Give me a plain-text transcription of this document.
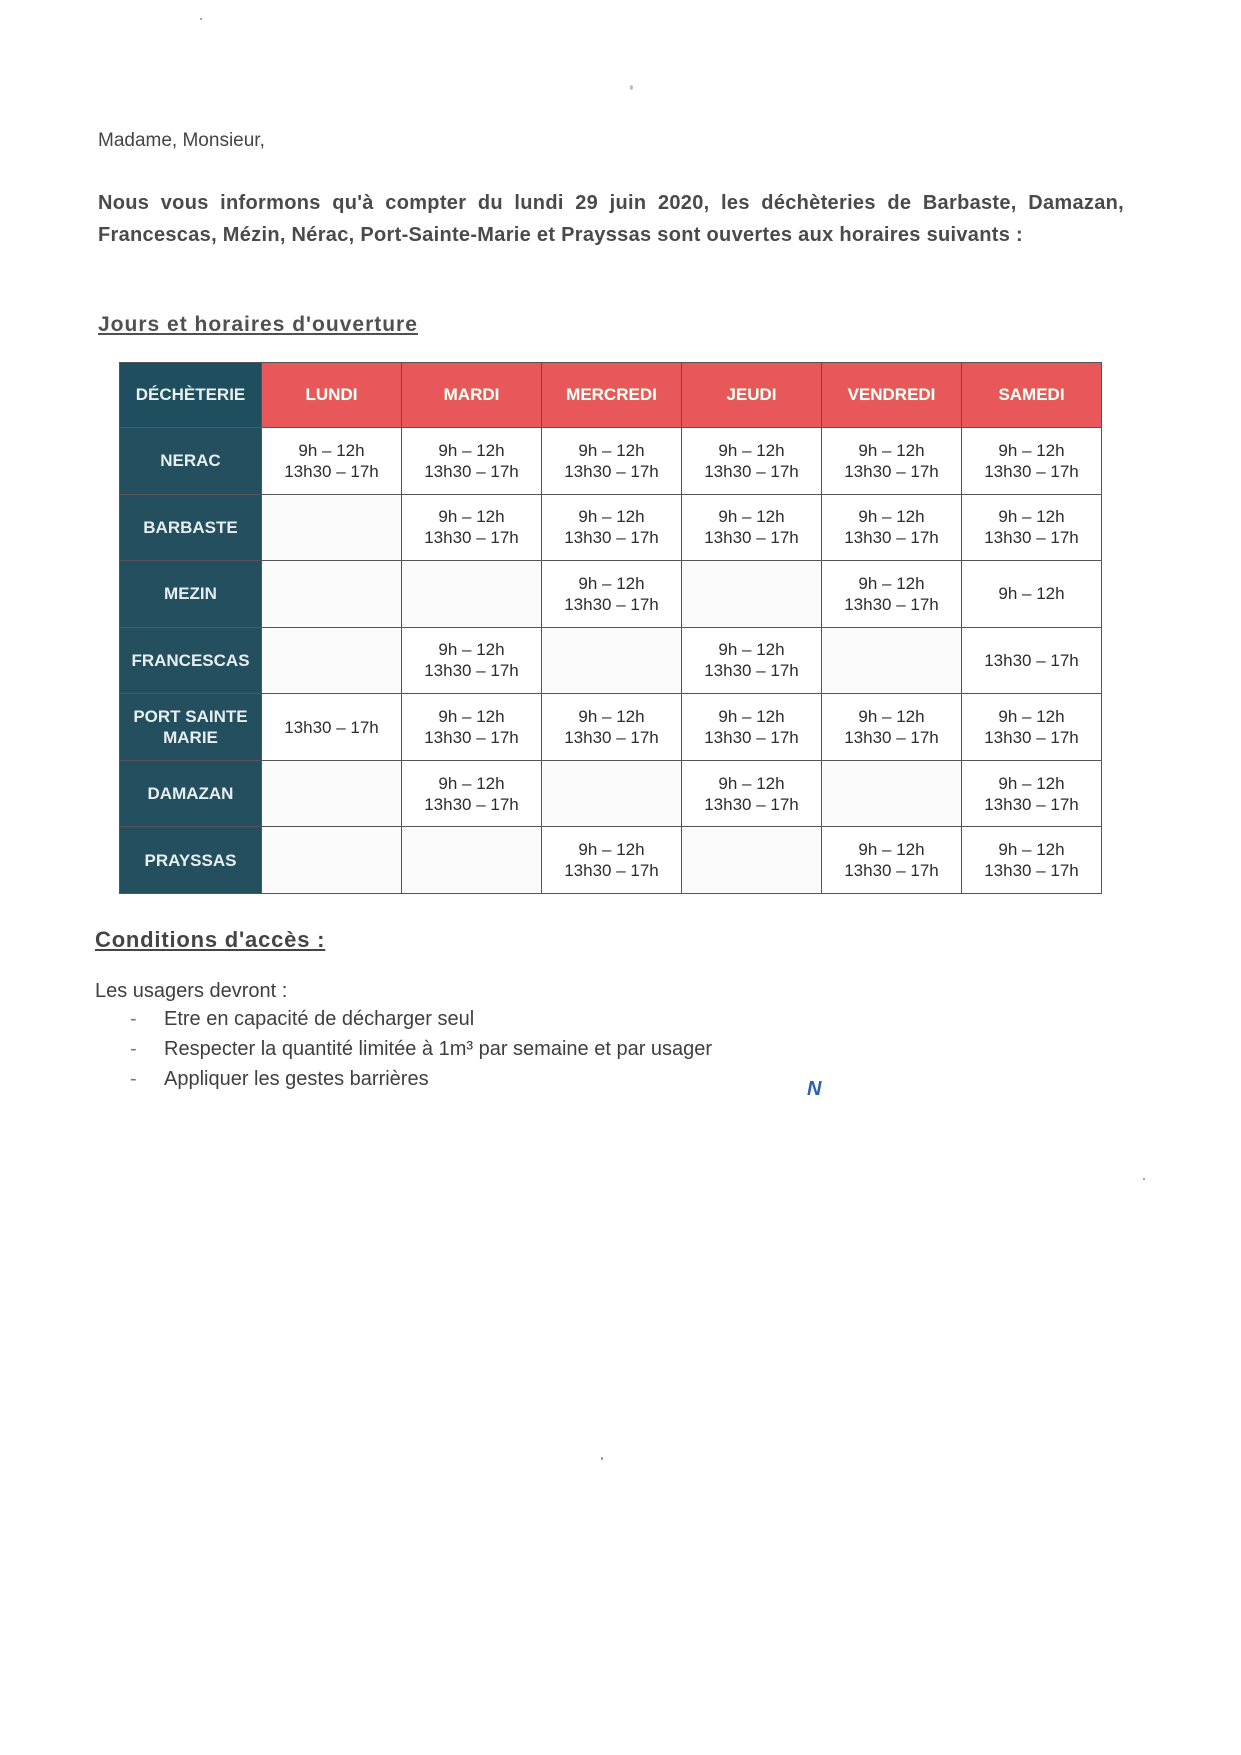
Madame, Monsieur,
Nous vous informons qu'à compter du lundi 29 juin 2020, les déchèteries de Barbaste, Damazan, Francescas, Mézin, Nérac, Port-Sainte-Marie et Prayssas sont ouvertes aux horaires suivants :
Jours et horaires d'ouverture
DÉCHÈTERIE	LUNDI	MARDI	MERCREDI	JEUDI	VENDREDI	SAMEDI
NERAC	9h – 12h
13h30 – 17h	9h – 12h
13h30 – 17h	9h – 12h
13h30 – 17h	9h – 12h
13h30 – 17h	9h – 12h
13h30 – 17h	9h – 12h
13h30 – 17h
BARBASTE		9h – 12h
13h30 – 17h	9h – 12h
13h30 – 17h	9h – 12h
13h30 – 17h	9h – 12h
13h30 – 17h	9h – 12h
13h30 – 17h
MEZIN			9h – 12h
13h30 – 17h		9h – 12h
13h30 – 17h	9h – 12h
FRANCESCAS		9h – 12h
13h30 – 17h		9h – 12h
13h30 – 17h		13h30 – 17h
PORT SAINTE
MARIE	13h30 – 17h	9h – 12h
13h30 – 17h	9h – 12h
13h30 – 17h	9h – 12h
13h30 – 17h	9h – 12h
13h30 – 17h	9h – 12h
13h30 – 17h
DAMAZAN		9h – 12h
13h30 – 17h		9h – 12h
13h30 – 17h		9h – 12h
13h30 – 17h
PRAYSSAS			9h – 12h
13h30 – 17h		9h – 12h
13h30 – 17h	9h – 12h
13h30 – 17h
Conditions d'accès :
Les usagers devront :
- Etre en capacité de décharger seul
- Respecter la quantité limitée à 1m³ par semaine et par usager
- Appliquer les gestes barrières	N
